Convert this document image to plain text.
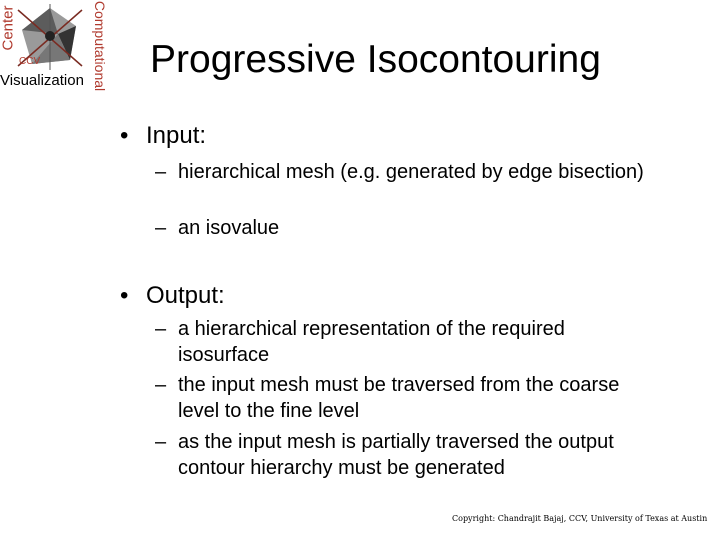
Center	Computational
CCV
Visualization Progressive Isocontouring
• Input:
– hierarchical mesh (e.g. generated by edge bisection)
– an isovalue
• Output:
– a hierarchical representation of the required isosurface
– the input mesh must be traversed from the coarse level to the fine level
– as the input mesh is partially traversed the output contour hierarchy must be generated
Copyright: Chandrajit Bajaj, CCV, University of Texas at Austin
